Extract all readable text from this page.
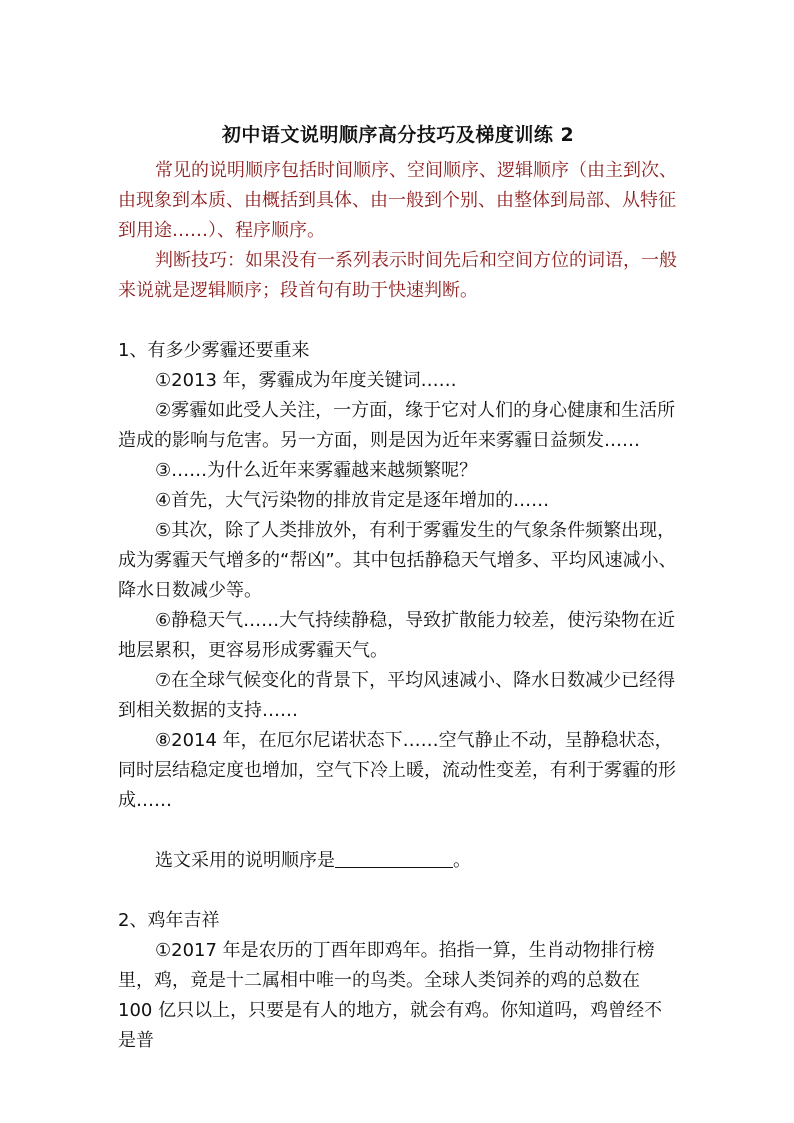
初中语文说明顺序高分技巧及梯度训练 2

常见的说明顺序包括时间顺序、空间顺序、逻辑顺序（由主到次、由现象到本质、由概括到具体、由一般到个别、由整体到局部、从特征到用途……）、程序顺序。

判断技巧：如果没有一系列表示时间先后和空间方位的词语，一般来说就是逻辑顺序；段首句有助于快速判断。

1、有多少雾霾还要重来

①2013 年，雾霾成为年度关键词……

②雾霾如此受人关注，一方面，缘于它对人们的身心健康和生活所造成的影响与危害。另一方面，则是因为近年来雾霾日益频发……

③……为什么近年来雾霾越来越频繁呢？

④首先，大气污染物的排放肯定是逐年增加的……

⑤其次，除了人类排放外，有利于雾霾发生的气象条件频繁出现，成为雾霾天气增多的“帮凶”。其中包括静稳天气增多、平均风速减小、降水日数减少等。

⑥静稳天气……大气持续静稳，导致扩散能力较差，使污染物在近地层累积，更容易形成雾霾天气。

⑦在全球气候变化的背景下，平均风速减小、降水日数减少已经得到相关数据的支持……

⑧2014 年，在厄尔尼诺状态下……空气静止不动，呈静稳状态，同时层结稳定度也增加，空气下冷上暖，流动性变差，有利于雾霾的形成……

选文采用的说明顺序是	。

2、鸡年吉祥

①2017 年是农历的丁酉年即鸡年。掐指一算，生肖动物排行榜里，鸡，竟是十二属相中唯一的鸟类。全球人类饲养的鸡的总数在 100 亿只以上，只要是有人的地方，就会有鸡。你知道吗，鸡曾经不是普
